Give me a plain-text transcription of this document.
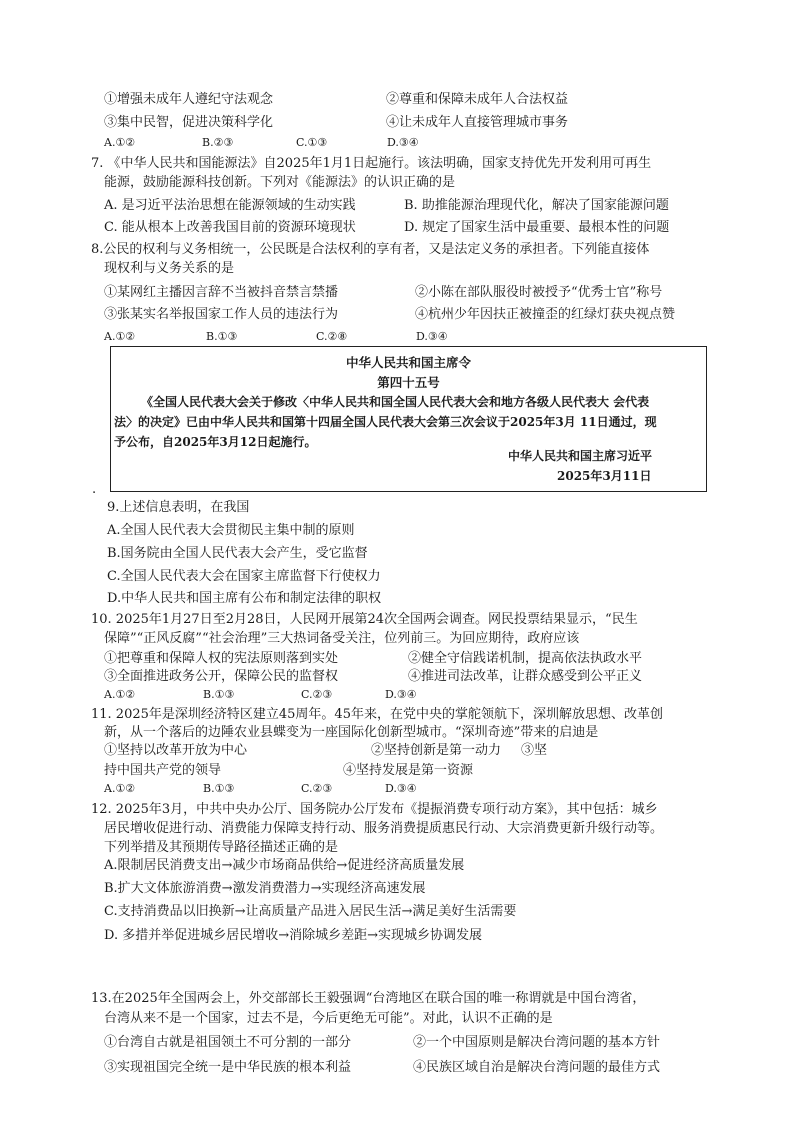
①增强未成年人遵纪守法观念	②尊重和保障未成年人合法权益
③集中民智，促进决策科学化	④让未成年人直接管理城市事务
A.①②	B.②③	C.①③	D.③④
7. 《中华人民共和国能源法》自2025年1月1日起施行。该法明确，国家支持优先开发利用可再生
能源，鼓励能源科技创新。下列对《能源法》的认识正确的是
A. 是习近平法治思想在能源领域的生动实践	B. 助推能源治理现代化，解决了国家能源问题
C. 能从根本上改善我国目前的资源环境现状	D. 规定了国家生活中最重要、最根本性的问题
8.公民的权利与义务相统一，公民既是合法权利的享有者，又是法定义务的承担者。下列能直接体
现权利与义务关系的是
①某网红主播因言辞不当被抖音禁言禁播	②小陈在部队服役时被授予“优秀士官”称号
③张某实名举报国家工作人员的违法行为	④杭州少年因扶正被撞歪的红绿灯获央视点赞
A.①②	B.①③	C.②⑧	D.③④
中华人民共和国主席令
第四十五号
《全国人民代表大会关于修改〈中华人民共和国全国人民代表大会和地方各级人民代表大 会代表
法〉的决定》已由中华人民共和国第十四届全国人民代表大会第三次会议于2025年3月 11日通过，现
予公布，自2025年3月12日起施行。
中华人民共和国主席习近平
2025年3月11日
.
9.上述信息表明，在我国
A.全国人民代表大会贯彻民主集中制的原则
B.国务院由全国人民代表大会产生，受它监督
C.全国人民代表大会在国家主席监督下行使权力
D.中华人民共和国主席有公布和制定法律的职权
10. 2025年1月27日至2月28日，人民网开展第24次全国两会调查。网民投票结果显示，“民生
保障”“正风反腐”“社会治理”三大热词备受关注，位列前三。为回应期待，政府应该
①把尊重和保障人权的宪法原则落到实处	②健全守信践诺机制，提高依法执政水平
③全面推进政务公开，保障公民的监督权	④推进司法改革，让群众感受到公平正义
A.①②	B.①③	C.②③	D.③④
11. 2025年是深圳经济特区建立45周年。45年来，在党中央的掌舵领航下，深圳解放思想、改革创
新，从一个落后的边陲农业县蝶变为一座国际化创新型城市。“深圳奇迹”带来的启迪是
①坚持以改革开放为中心	②坚持创新是第一动力 ③坚
持中国共产党的领导	④坚持发展是第一资源
A.①②	B.①③	C.②③	D.③④
12. 2025年3月，中共中央办公厅、国务院办公厅发布《提振消费专项行动方案》，其中包括：城乡
居民增收促进行动、消费能力保障支持行动、服务消费提质惠民行动、大宗消费更新升级行动等。
下列举措及其预期传导路径描述正确的是
A.限制居民消费支出→减少市场商品供给→促进经济高质量发展
B.扩大文体旅游消费→激发消费潜力→实现经济高速发展
C.支持消费品以旧换新→让高质量产品进入居民生活→满足美好生活需要
D. 多措并举促进城乡居民增收→消除城乡差距→实现城乡协调发展
13.在2025年全国两会上，外交部部长王毅强调“台湾地区在联合国的唯一称谓就是中国台湾省，
台湾从来不是一个国家，过去不是，今后更绝无可能”。对此，认识不正确的是
①台湾自古就是祖国领土不可分割的一部分	②一个中国原则是解决台湾问题的基本方针
③实现祖国完全统一是中华民族的根本利益	④民族区域自治是解决台湾问题的最佳方式
